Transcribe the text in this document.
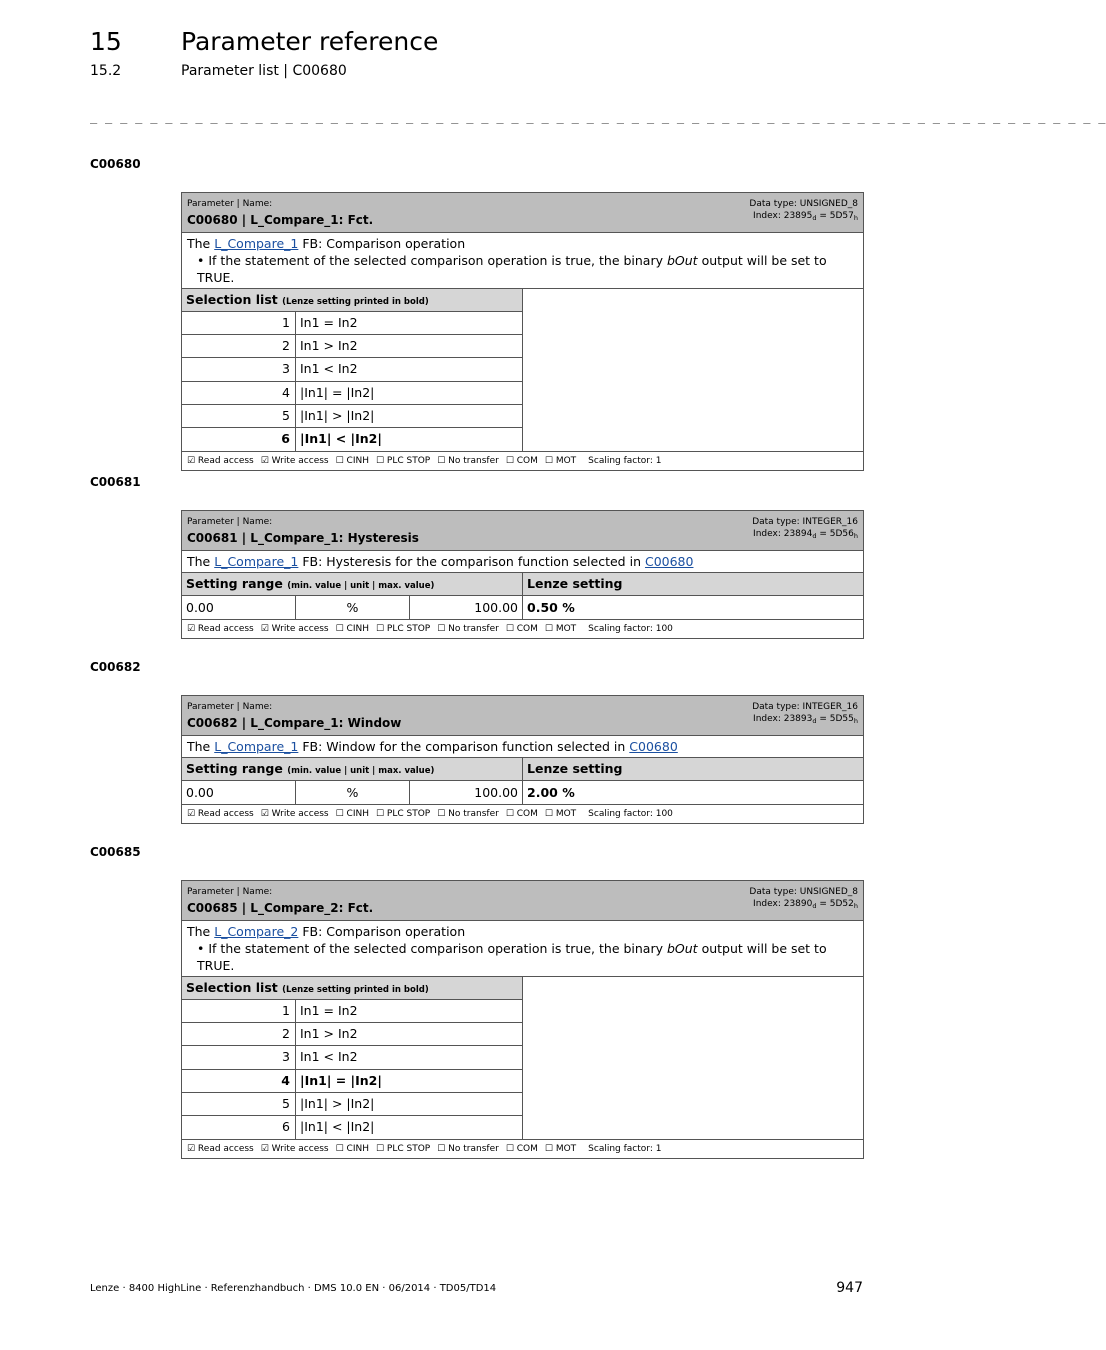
15 Parameter reference
15.2	Parameter list | C00680
_ _ _ _ _ _ _ _ _ _ _ _ _ _ _ _ _ _ _ _ _ _ _ _ _ _ _ _ _ _ _ _ _ _ _ _ _ _ _ _ _ _ _ _ _ _ _ _ _ _ _ _ _ _ _ _ _ _ _ _ _ _ _ _ _ _ _ _
C00680
Parameter | Name:
C00680 | L_Compare_1: Fct.
Data type: UNSIGNED_8
Index: $23895_d = 5D57_h$
The L_Compare_1 FB: Comparison operation
• If the statement of the selected comparison operation is true, the binary bOut output will be set to TRUE.
Selection list (Lenze setting printed in bold)
1 In1 = In2
2 In1 > In2
3 In1 < In2
4 |In1| = |In2|
5 |In1| > |In2|
6 |In1| < |In2|
☑ Read access ☑ Write access ☐ CINH ☐ PLC STOP ☐ No transfer ☐ COM ☐ MOT Scaling factor: 1
C00681
Parameter | Name:
C00681 | L_Compare_1: Hysteresis
Data type: INTEGER_16
Index: $23894_d = 5D56_h$
The L_Compare_1 FB: Hysteresis for the comparison function selected in C00680
Setting range (min. value | unit | max. value)	Lenze setting
0.00	%	100.00 0.50 %
☑ Read access ☑ Write access ☐ CINH ☐ PLC STOP ☐ No transfer ☐ COM ☐ MOT Scaling factor: 100
C00682
Parameter | Name:
C00682 | L_Compare_1: Window
Data type: INTEGER_16
Index: $23893_d = 5D55_h$
The L_Compare_1 FB: Window for the comparison function selected in C00680
Setting range (min. value | unit | max. value)	Lenze setting
0.00	%	100.00 2.00 %
☑ Read access ☑ Write access ☐ CINH ☐ PLC STOP ☐ No transfer ☐ COM ☐ MOT Scaling factor: 100
C00685
Parameter | Name:
C00685 | L_Compare_2: Fct.
Data type: UNSIGNED_8
Index: $23890_d = 5D52_h$
The L_Compare_2 FB: Comparison operation
• If the statement of the selected comparison operation is true, the binary bOut output will be set to TRUE.
Selection list (Lenze setting printed in bold)
1 In1 = In2
2 In1 > In2
3 In1 < In2
4 |In1| = |In2|
5 |In1| > |In2|
6 |In1| < |In2|
☑ Read access ☑ Write access ☐ CINH ☐ PLC STOP ☐ No transfer ☐ COM ☐ MOT Scaling factor: 1
Lenze · 8400 HighLine · Referenzhandbuch · DMS 10.0 EN · 06/2014 · TD05/TD14	947
